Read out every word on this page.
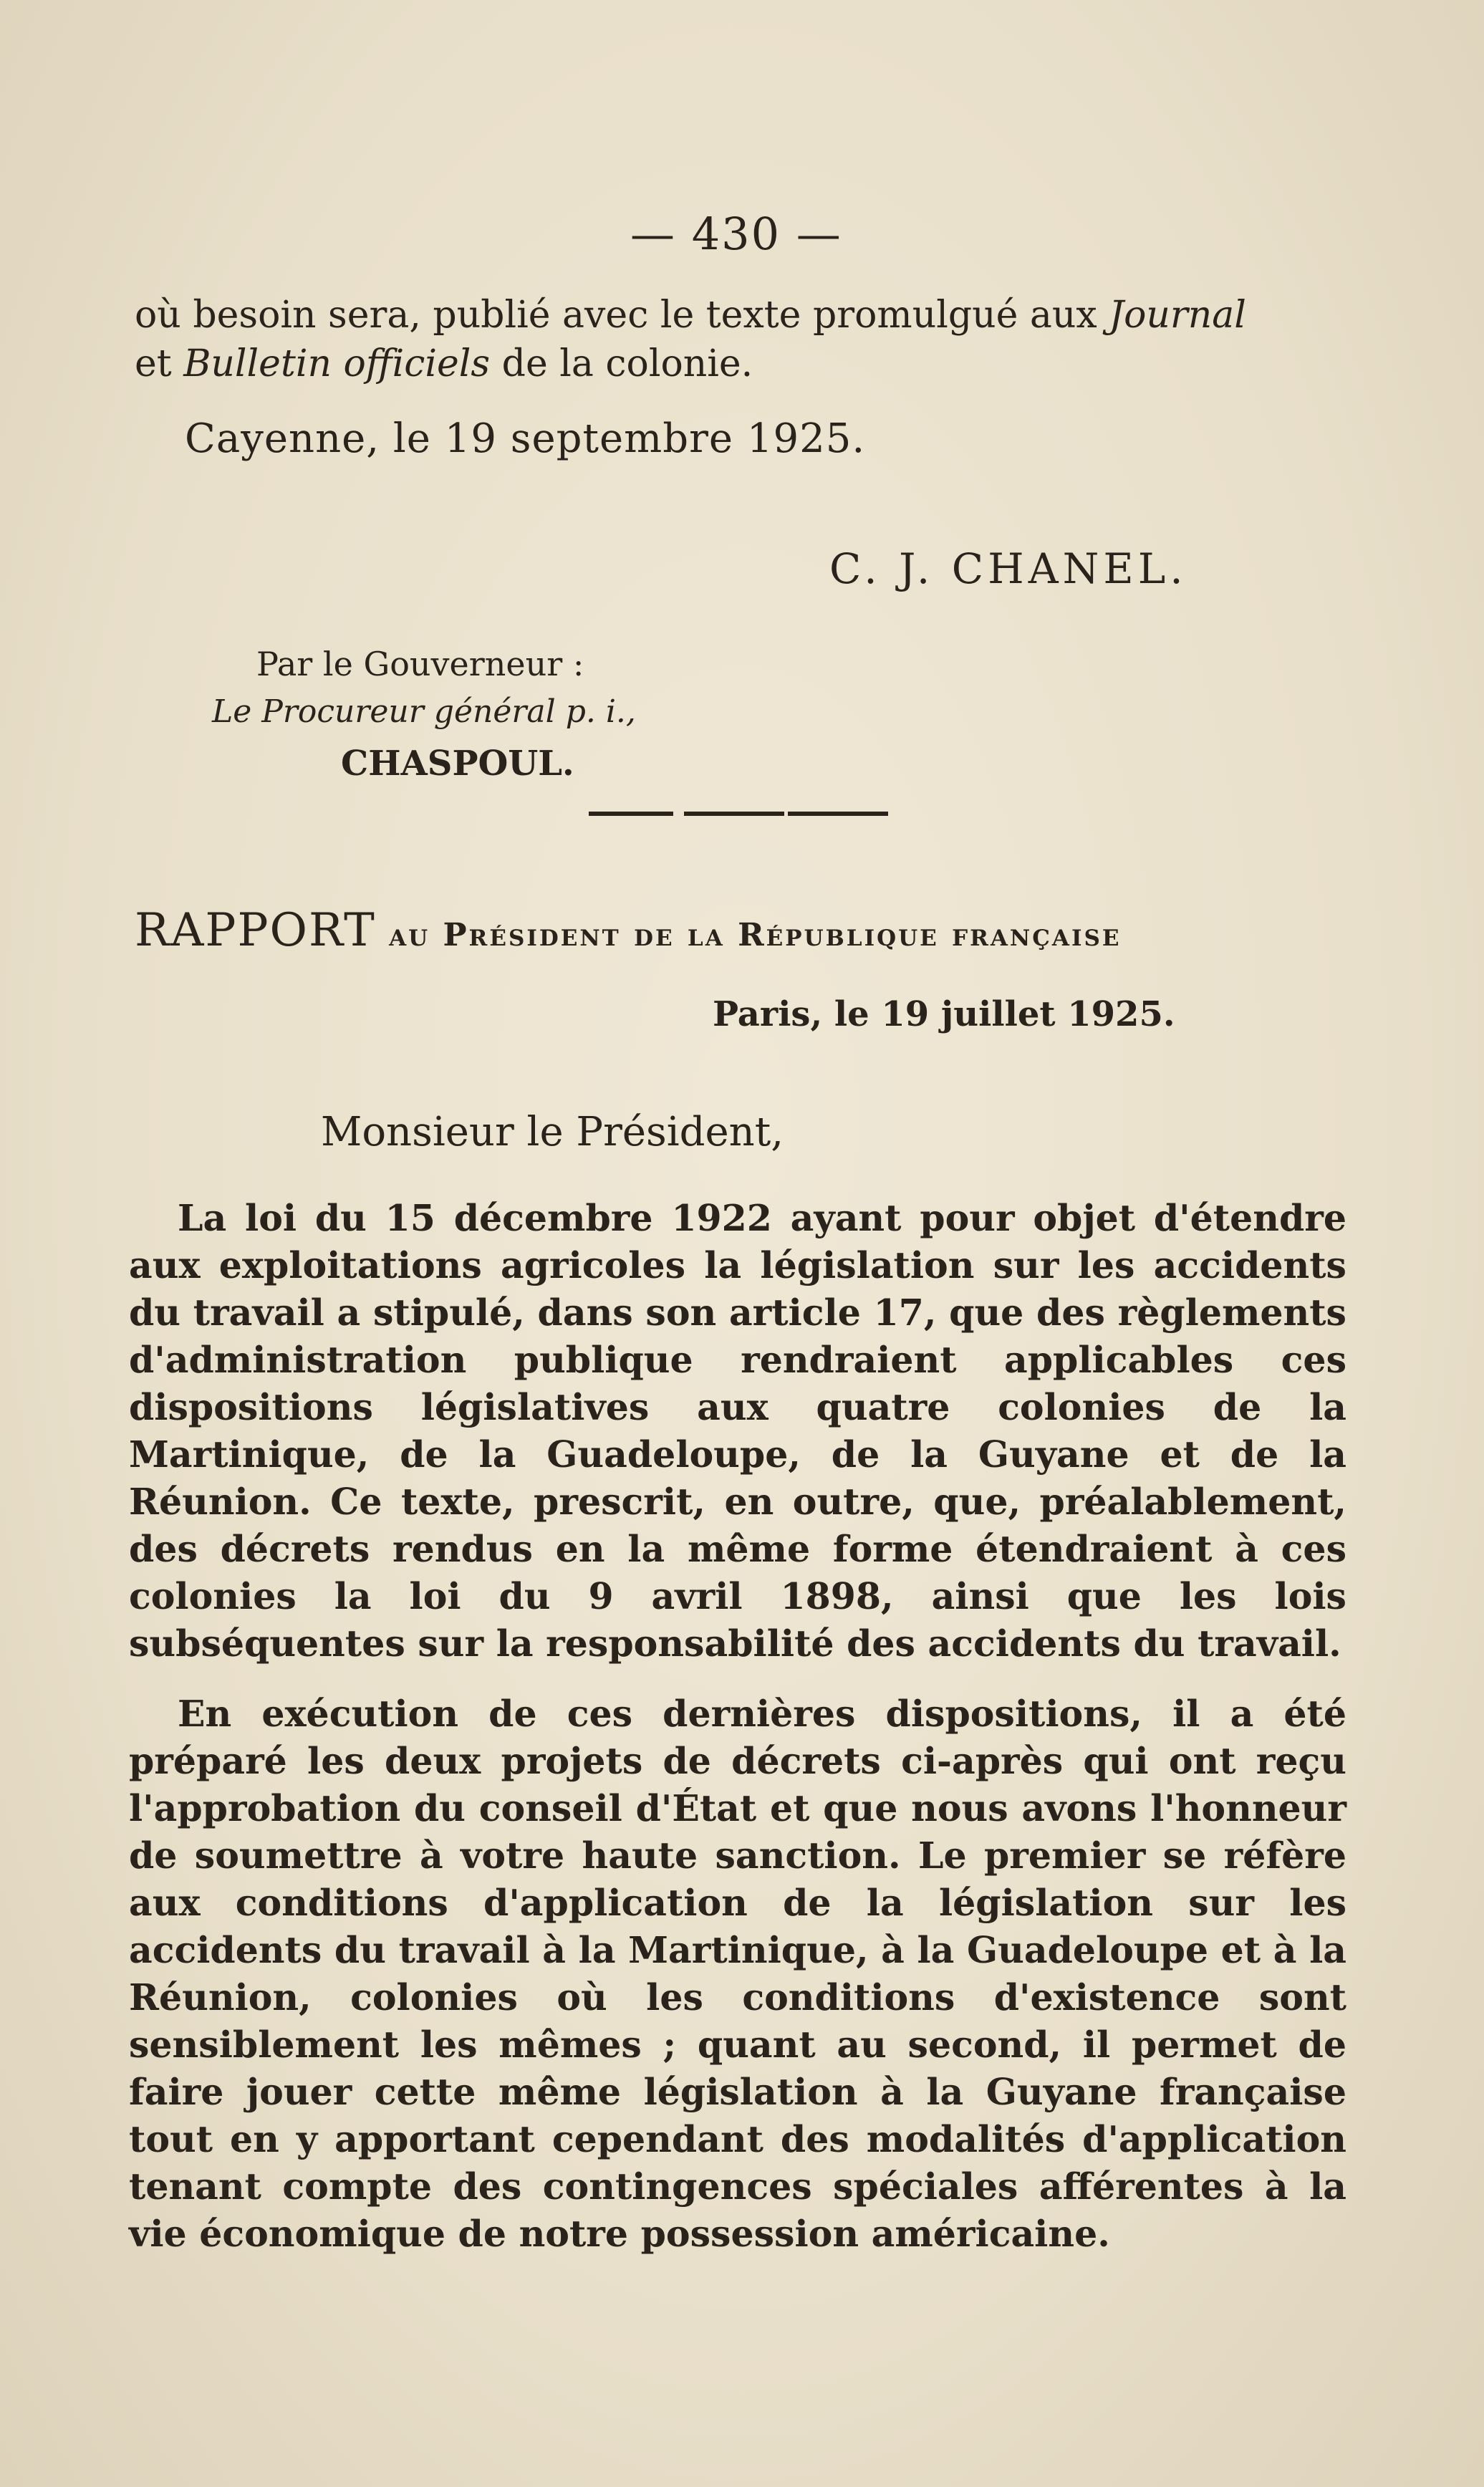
— 430 —
où besoin sera, publié avec le texte promulgué aux Journal
et Bulletin officiels de la colonie.
Cayenne, le 19 septembre 1925.
C. J. CHANEL.
Par le Gouverneur :
Le Procureur général p. i.,
CHASPOUL.
RAPPORT au Président de la République française
Paris, le 19 juillet 1925.
Monsieur le Président,

La loi du 15 décembre 1922 ayant pour objet d'étendre aux exploitations agricoles la législation sur les accidents du travail a stipulé, dans son article 17, que des règlements d'administration publique rendraient applicables ces dispositions législatives aux quatre colonies de la Martinique, de la Guadeloupe, de la Guyane et de la Réunion. Ce texte, prescrit, en outre, que, préalablement, des décrets rendus en la même forme étendraient à ces colonies la loi du 9 avril 1898, ainsi que les lois subséquentes sur la responsabilité des accidents du travail.

En exécution de ces dernières dispositions, il a été préparé les deux projets de décrets ci-après qui ont reçu l'approbation du conseil d'État et que nous avons l'honneur de soumettre à votre haute sanction. Le premier se réfère aux conditions d'application de la législation sur les accidents du travail à la Martinique, à la Guadeloupe et à la Réunion, colonies où les conditions d'existence sont sensiblement les mêmes ; quant au second, il permet de faire jouer cette même législation à la Guyane française tout en y apportant cependant des modalités d'application tenant compte des contingences spéciales afférentes à la vie économique de notre possession américaine.
